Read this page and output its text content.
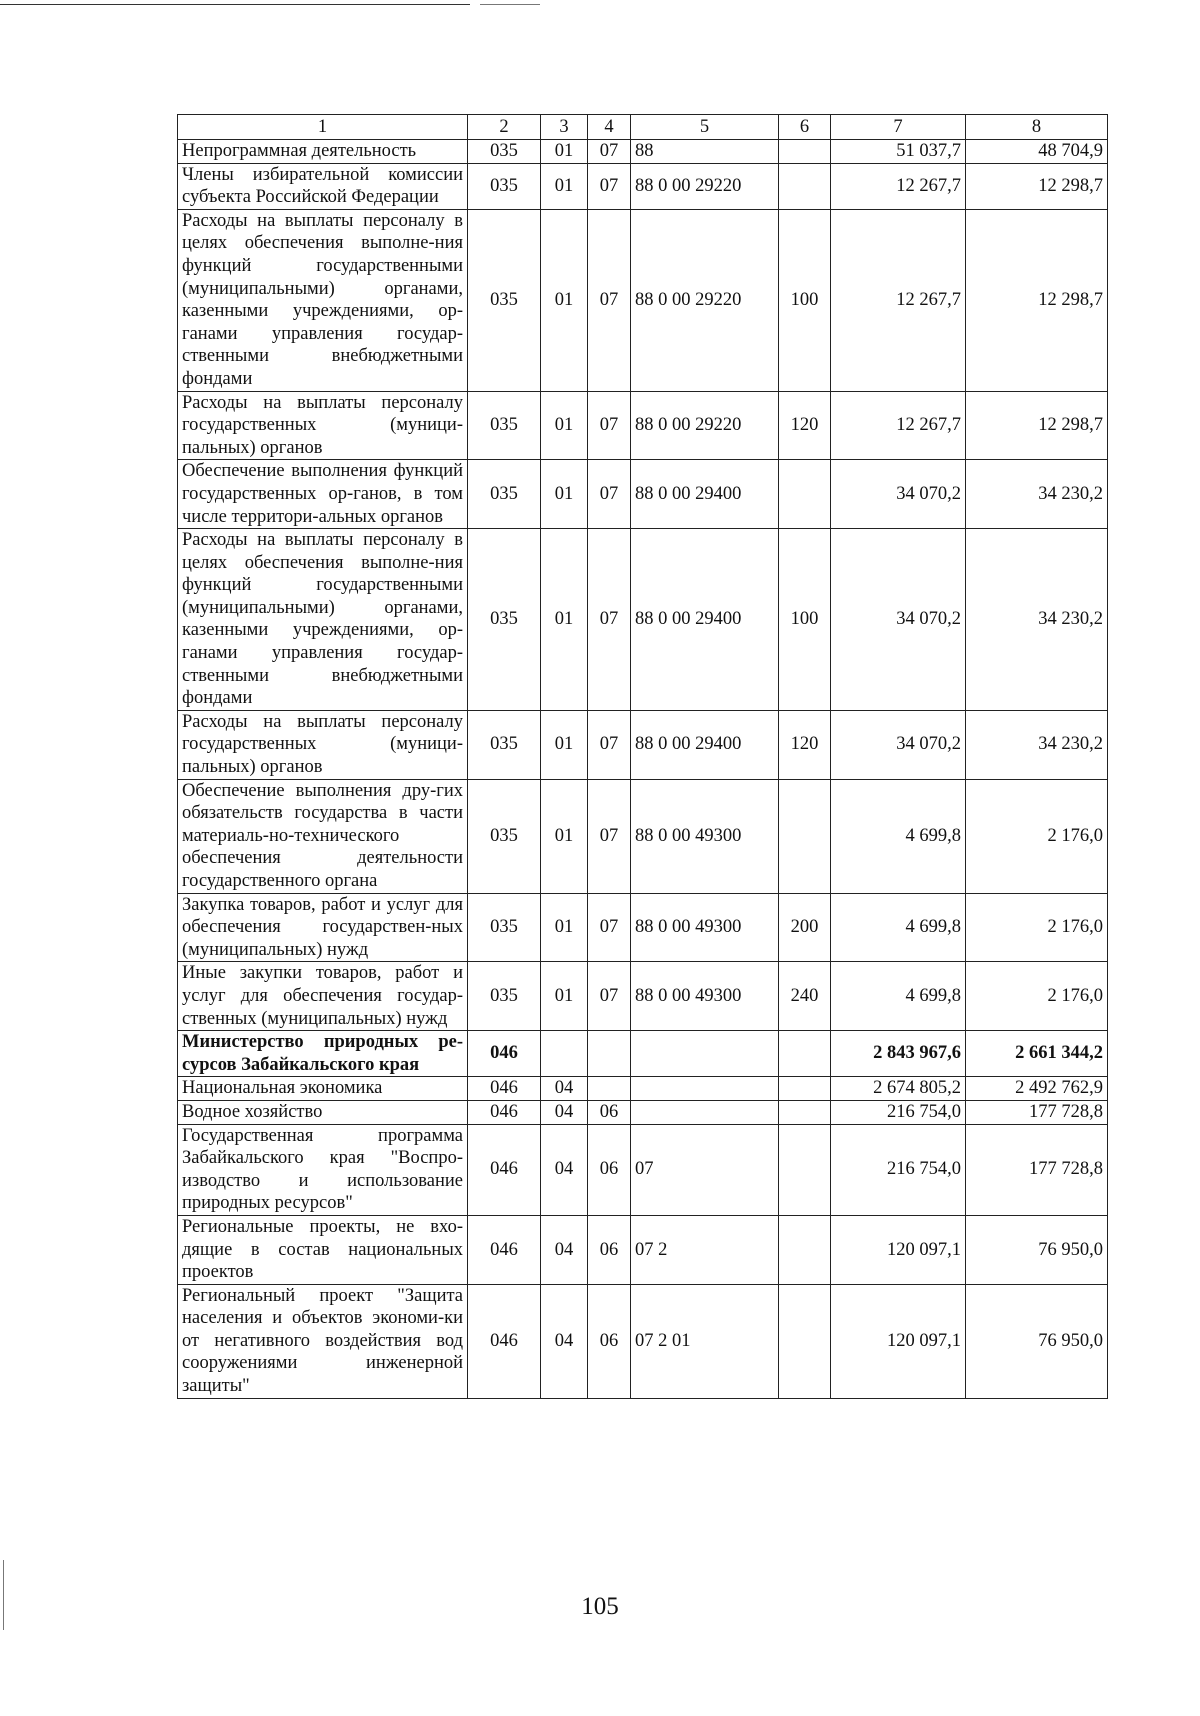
1	2	3	4	5	6	7	8
Непрограммная деятельность	035	01	07	88		51 037,7	48 704,9
Члены избирательной комиссии субъекта Российской Федерации	035	01	07	88 0 00 29220		12 267,7	12 298,7
Расходы на выплаты персоналу в целях обеспечения выполне-ния функций государственными (муниципальными) органами, казенными учреждениями, ор-ганами управления государ-ственными внебюджетными фондами	035	01	07	88 0 00 29220	100	12 267,7	12 298,7
Расходы на выплаты персоналу государственных (муници-пальных) органов	035	01	07	88 0 00 29220	120	12 267,7	12 298,7
Обеспечение выполнения функций государственных ор-ганов, в том числе территори-альных органов	035	01	07	88 0 00 29400		34 070,2	34 230,2
Расходы на выплаты персоналу в целях обеспечения выполне-ния функций государственными (муниципальными) органами, казенными учреждениями, ор-ганами управления государ-ственными внебюджетными фондами	035	01	07	88 0 00 29400	100	34 070,2	34 230,2
Расходы на выплаты персоналу государственных (муници-пальных) органов	035	01	07	88 0 00 29400	120	34 070,2	34 230,2
Обеспечение выполнения дру-гих обязательств государства в части материаль-но-технического обеспечения деятельности государственного органа	035	01	07	88 0 00 49300		4 699,8	2 176,0
Закупка товаров, работ и услуг для обеспечения государствен-ных (муниципальных) нужд	035	01	07	88 0 00 49300	200	4 699,8	2 176,0
Иные закупки товаров, работ и услуг для обеспечения государ-ственных (муниципальных) нужд	035	01	07	88 0 00 49300	240	4 699,8	2 176,0
Министерство природных ре-сурсов Забайкальского края	046					2 843 967,6	2 661 344,2
Национальная экономика	046	04				2 674 805,2	2 492 762,9
Водное хозяйство	046	04	06			216 754,0	177 728,8
Государственная программа Забайкальского края "Воспро-изводство и использование природных ресурсов"	046	04	06	07		216 754,0	177 728,8
Региональные проекты, не вхо-дящие в состав национальных проектов	046	04	06	07 2		120 097,1	76 950,0
Региональный проект "Защита населения и объектов экономи-ки от негативного воздействия вод сооружениями инженерной защиты"	046	04	06	07 2 01		120 097,1	76 950,0
105
